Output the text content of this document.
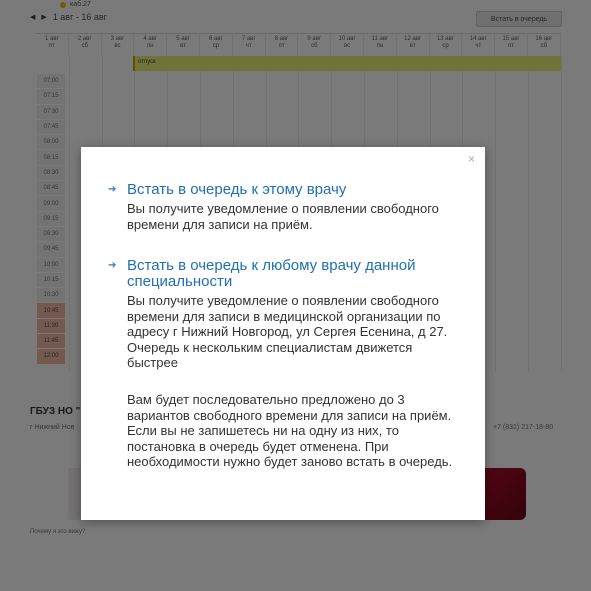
×
➔ Встать в очередь к этому врачу
Вы получите уведомление о появлении свободного времени для записи на приём.
➔ Встать в очередь к любому врачу данной специальности
Вы получите уведомление о появлении свободного времени для записи в медицинской организации по адресу г Нижний Новгород, ул Сергея Есенина, д 27. Очередь к нескольким специалистам движется быстрее
Вам будет последовательно предложено до 3 вариантов свободного времени для записи на приём. Если вы не запишетесь ни на одну из них, то постановка в очередь будет отменена. При необходимости нужно будет заново встать в очередь.
